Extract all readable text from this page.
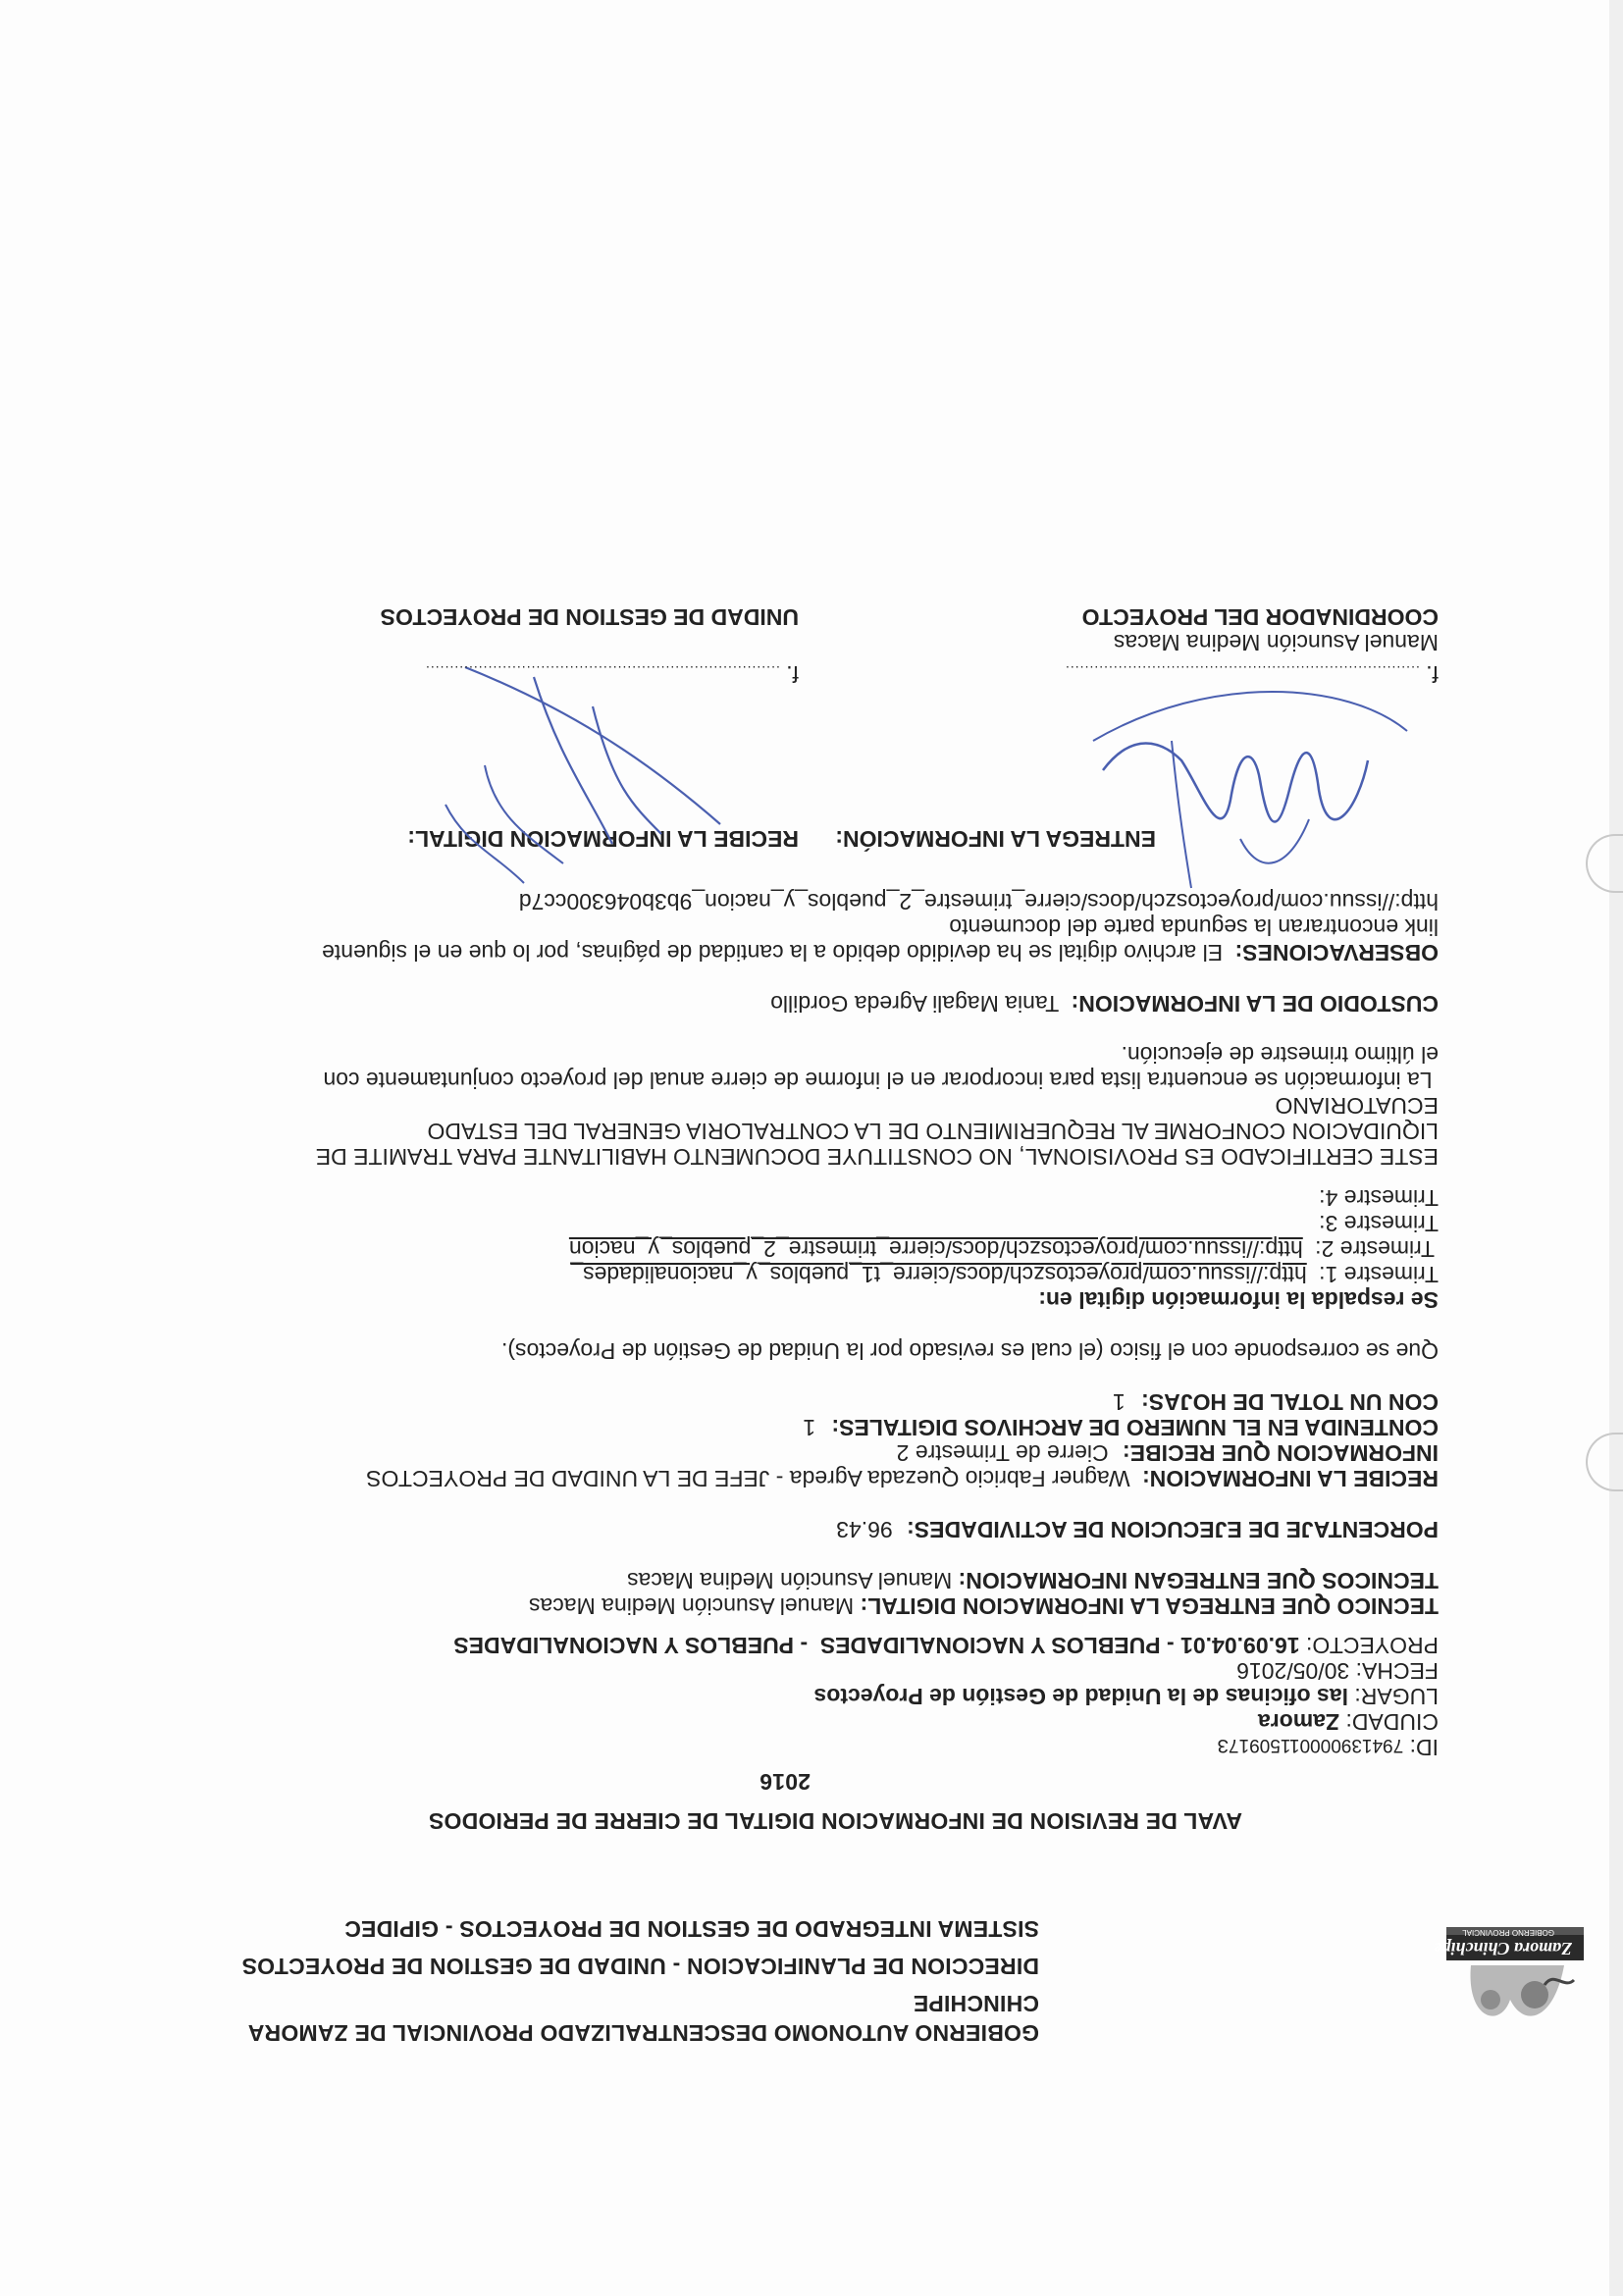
Zamora Chinchipe
GOBIERNO PROVINCIAL
GOBIERNO AUTONOMO DESCENTRALIZADO PROVINCIAL DE ZAMORA
CHINCHIPE
DIRECCION DE PLANIFICACION - UNIDAD DE GESTION DE PROYECTOS
SISTEMA INTEGRADO DE GESTION DE PROYECTOS - GIPIDEC
AVAL DE REVISION DE INFORMACION DIGITAL DE CIERRE DE PERIODOS
2016
ID: 79413900001150917З
CIUDAD: Zamora
LUGAR: las oficinas de la Unidad de Gestión de Proyectos
FECHA: 30/05/2016
PROYECTO: 16.09.04.01 - PUEBLOS Y NACIONALIDADES  - PUEBLOS Y NACIONALIDADES
TECNICO QUE ENTREGA LA INFORMACION DIGITAL: Manuel Asunción Medina Macas
TECNICOS QUE ENTREGAN INFORMACION: Manuel Asunción Medina Macas
PORCENTAJE DE EJECUCION DE ACTIVIDADES: 96.43
RECIBE LA INFORMACION: Wagner Fabricio Quezada Agreda - JEFE DE LA UNIDAD DE PROYECTOS
INFORMACION QUE RECIBE: Cierre de Trimestre 2
CONTENIDA EN EL NUMERO DE ARCHIVOS DIGITALES: 1
CON UN TOTAL DE HOJAS: 1
Que se corresponde con el fisico (el cual es revisado por la Unidad de Gestión de Proyectos).
Se respalda la información digital en:
Trimestre 1: http://issuu.com/proyectoszch/docs/cierre_t1_pueblos_y_nacionalidades_
Trimestre 2: http://issuu.com/proyectoszch/docs/cierre_trimestre_2_pueblos_y_nacion
Trimestre 3:
Trimestre 4:
ESTE CERTIFICADO ES PROVISIONAL, NO CONSTITUYE DOCUMENTO HABILITANTE PARA TRAMITE DE
LIQUIDACION CONFORME AL REQUERIMIENTO DE LA CONTRALORIA GENERAL DEL ESTADO
ECUATORIANO
La información se encuentra lista para incorporar en el informe de cierre anual del proyecto conjuntamente con
el último trimestre de ejecución.
CUSTODIO DE LA INFORMACION: Tania Magali Agreda Gordillo
OBSERVACIONES: El archivo digital se ha devidido debido a la cantidad de páginas, por lo que en el siguente
link encontraran la segunda parte del documento
http://issuu.com/proyectoszch/docs/cierre_trimestre_2_pueblos_y_nacion_9b3b046300cc7d
ENTREGA LA INFORMACIÓN:
RECIBE LA INFORMACION DIGITAL:
f. ..........................................................................
f. ..........................................................................
Manuel Asunción Medina Macas
COORDINADOR DEL PROYECTO
UNIDAD DE GESTION DE PROYECTOS
